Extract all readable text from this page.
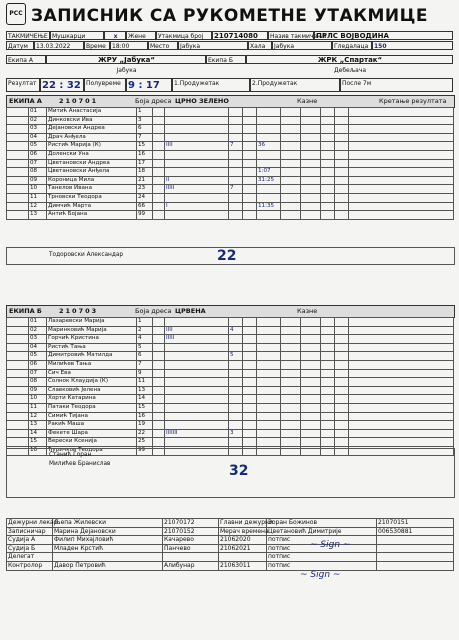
РСС ЗАПИСНИК СА РУКОМЕТНЕ УТАКМИЦЕ
ТАКМИЧЕЊЕ Мушкарци	x	Жене	Утакмица број	210714080	Назив такмичења
ПРЛС ВОЈВОДИНА
Датум	13.03.2022	Време	18:00	Место	Јабука	Хала	Јабука	Гледалаца 150
Екипа А	ЖРУ „Јабука“	Екипа Б	ЖРК „Спартак“
Јабука	Дебељача
Резултат 22 : 32 Полувреме 9 : 17	1.Продужетак	2.Продужетак	После 7м
ЕКИПА А	210701	Боја дреса ЦРНО ЗЕЛЕНО	Казне	Кретање резултата
	01	Митић Анастасија	1										
	02	Динковски Ива	3										
	03	Дејановски Андреа	6										
	04	Драч Анђела	7										
	05	Ристић Марија (К)	15		IIII	7		36					
	06	Доленски Уна	16										
	07	Цветановски Андреа	17										
	08	Цветановски Анђела	18					1:07					
	09	Короница Мила	21		II			31:25					
	10	Танелов Ивана	23		IIIII	7							
	11	Трновски Теодора	24										
	12	Димчић Марта	66		I			11:35					
	13	Антић Бојана	99										
Тодоровски Александар	22
ЕКИПА Б	210703	Боја дреса ЦРВЕНА	Казне
	01	Лазаревски Марија	1										
	02	Маринковић Марија	2		IIII	4							
	03	Горчић Кристина	4		IIIII								
	04	Ристић Тања	5										
	05	Димитровић Матилда	6			5							
	06	Милићев Тања	7										
	07	Сич Ева	9										
	08	Солнок Клаудија (К)	11										
	09	Славковић Јелена	13										
	10	Хорти Катарина	14										
	11	Патаки Теодора	15										
	12	Симић Тијана	16										
	13	Ракић Маша	19										
	14	Фекете Шара	22		IIIIIII	3							
	15	Верески Ксенија	25										
	16	Ђуричков Теодора	99										
Станић Горан
Милићев Бранислав	32
Дежурни лекар	Љепа Жилевски	21070172	Главни дежурни	Зоран Божинов	21070151
Записничар	Марина Дејановски	21070152	Мерач времена	Цветановић Димитрије	006530881
Судија А	Филип Михајловић	Качарево	21062020	потпис	
Судија Б	Младен Крстић	Панчево	21062021	потпис	
Делегат				потпис	
Контролор	Давор Петровић	Алибунар	21063011	потпис	
~ Sign ~
~ Sign ~
